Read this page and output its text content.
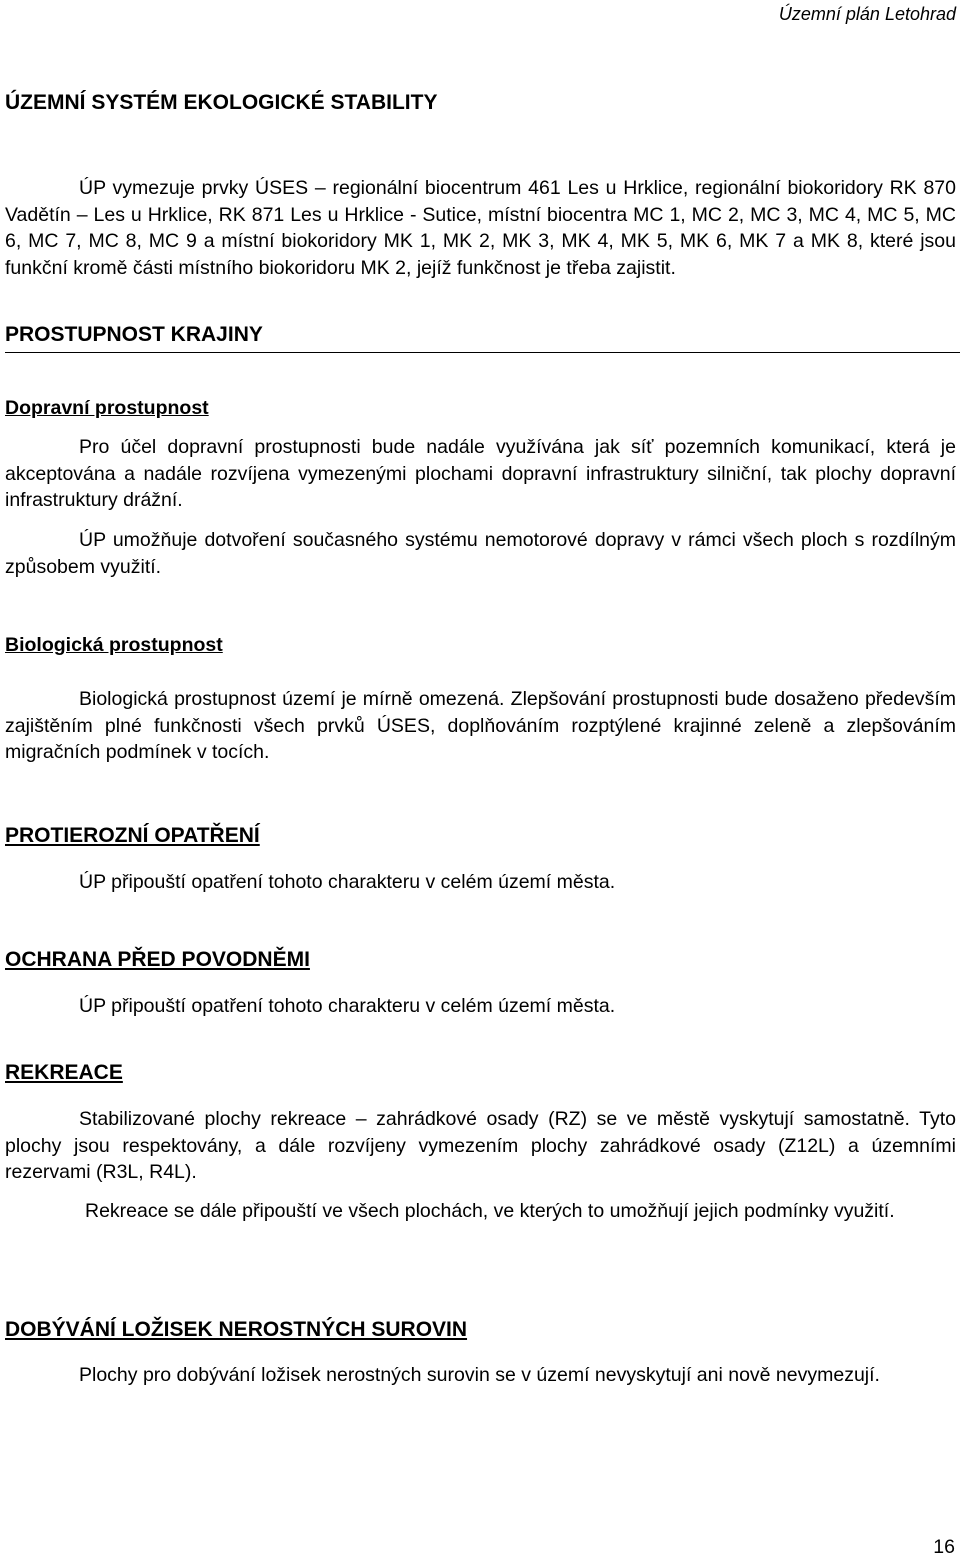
Územní plán Letohrad
ÚZEMNÍ SYSTÉM EKOLOGICKÉ STABILITY

ÚP vymezuje prvky ÚSES – regionální biocentrum 461 Les u Hrklice, regionální biokoridory RK 870 Vadětín – Les u Hrklice, RK 871 Les u Hrklice - Sutice, místní biocentra MC 1, MC 2, MC 3, MC 4, MC 5, MC 6, MC 7, MC 8, MC 9 a místní biokoridory MK 1, MK 2, MK 3, MK 4, MK 5, MK 6, MK 7 a MK 8, které jsou funkční kromě části místního biokoridoru MK 2, jejíž funkčnost je třeba zajistit.

PROSTUPNOST KRAJINY
Dopravní prostupnost

Pro účel dopravní prostupnosti bude nadále využívána jak síť pozemních komunikací, která je akceptována a nadále rozvíjena vymezenými plochami dopravní infrastruktury silniční, tak plochy dopravní infrastruktury drážní.

ÚP umožňuje dotvoření současného systému nemotorové dopravy v rámci všech ploch s rozdílným způsobem využití.

Biologická prostupnost

Biologická prostupnost území je mírně omezená. Zlepšování prostupnosti bude dosaženo především zajištěním plné funkčnosti všech prvků ÚSES, doplňováním rozptýlené krajinné zeleně a zlepšováním migračních podmínek v tocích.

PROTIEROZNÍ OPATŘENÍ

ÚP připouští opatření tohoto charakteru v celém území města.

OCHRANA PŘED POVODNĚMI

ÚP připouští opatření tohoto charakteru v celém území města.

REKREACE

Stabilizované plochy rekreace – zahrádkové osady (RZ) se ve městě vyskytují samostatně. Tyto plochy jsou respektovány, a dále rozvíjeny vymezením plochy zahrádkové osady (Z12L) a územními rezervami (R3L, R4L).

Rekreace se dále připouští ve všech plochách, ve kterých to umožňují jejich podmínky využití.

DOBÝVÁNÍ LOŽISEK NEROSTNÝCH SUROVIN

Plochy pro dobývání ložisek nerostných surovin se v území nevyskytují ani nově nevymezují.

16
